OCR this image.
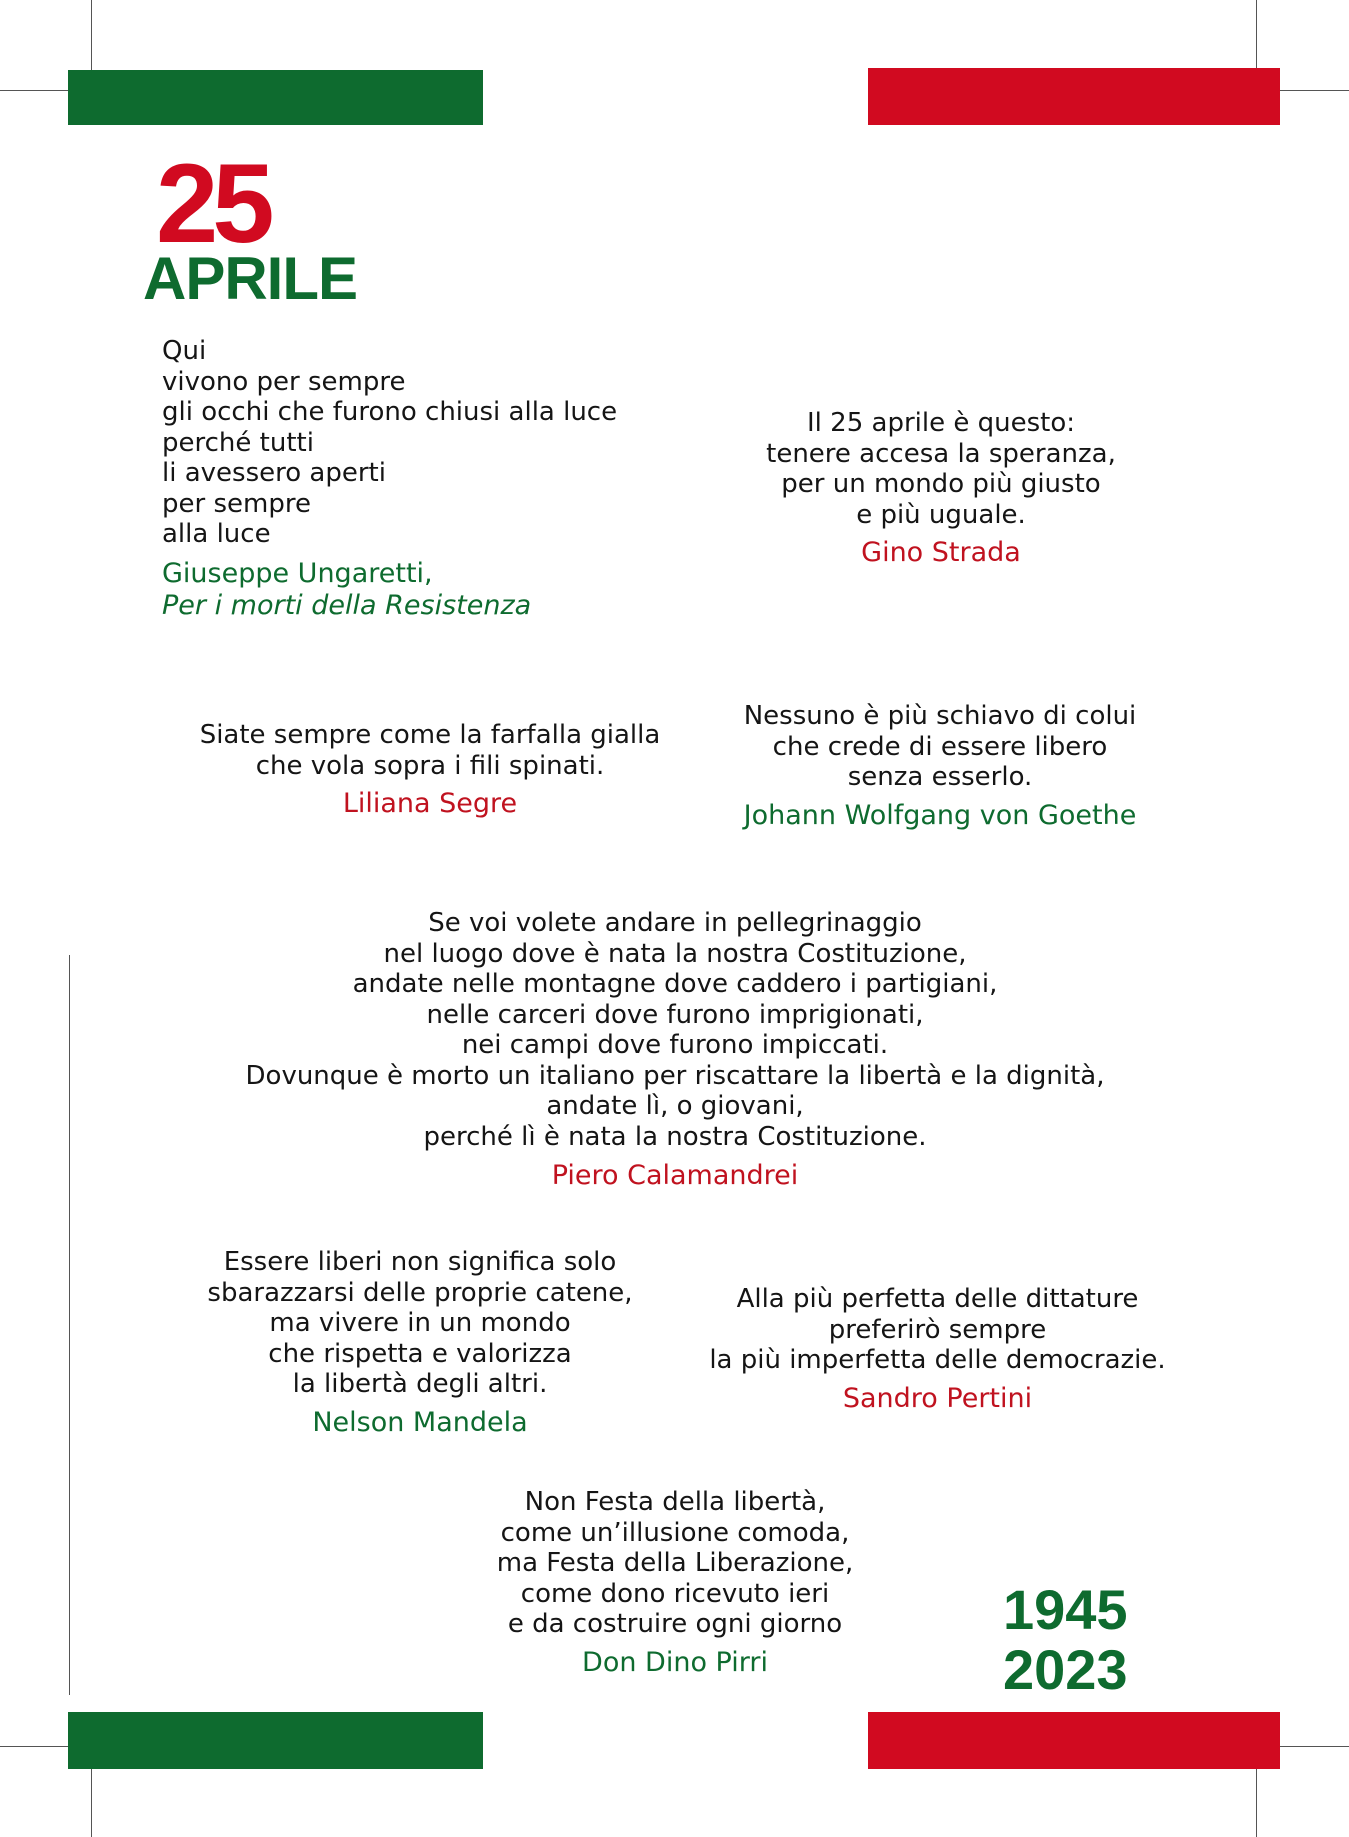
25
APRILE
Qui
vivono per sempre
gli occhi che furono chiusi alla luce
perché tutti
li avessero aperti
per sempre
alla luce
Giuseppe Ungaretti,
Per i morti della Resistenza
Il 25 aprile è questo:
tenere accesa la speranza,
per un mondo più giusto
e più uguale.
Gino Strada
Siate sempre come la farfalla gialla
che vola sopra i fili spinati.
Liliana Segre
Nessuno è più schiavo di colui
che crede di essere libero
senza esserlo.
Johann Wolfgang von Goethe
Se voi volete andare in pellegrinaggio
nel luogo dove è nata la nostra Costituzione,
andate nelle montagne dove caddero i partigiani,
nelle carceri dove furono imprigionati,
nei campi dove furono impiccati.
Dovunque è morto un italiano per riscattare la libertà e la dignità,
andate lì, o giovani,
perché lì è nata la nostra Costituzione.
Piero Calamandrei
Essere liberi non significa solo
sbarazzarsi delle proprie catene,
ma vivere in un mondo
che rispetta e valorizza
la libertà degli altri.
Nelson Mandela
Alla più perfetta delle dittature
preferirò sempre
la più imperfetta delle democrazie.
Sandro Pertini
Non Festa della libertà,
come un’illusione comoda,
ma Festa della Liberazione,
come dono ricevuto ieri
e da costruire ogni giorno
Don Dino Pirri
1945
2023
